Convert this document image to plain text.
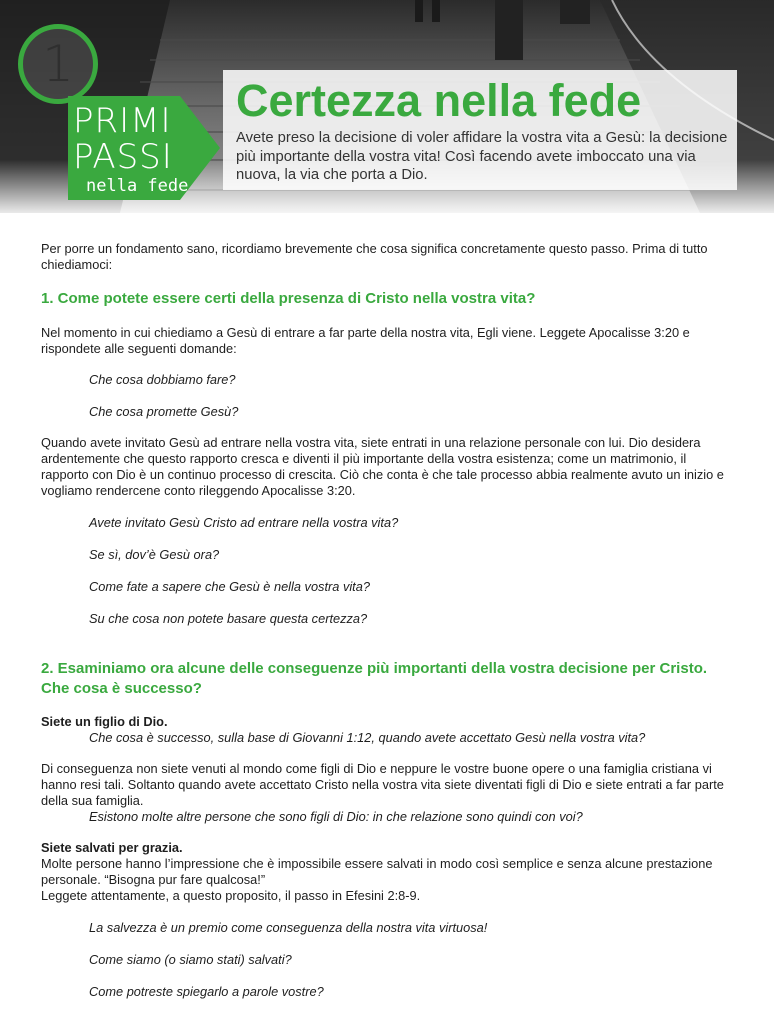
1
PRIMI
PASSI
nella fede
Certezza nella fede
Avete preso la decisione di voler affidare la vostra vita a Gesù: la decisione più importante della vostra vita! Così facendo avete imboccato una via nuova, la via che porta a Dio.
Per porre un fondamento sano, ricordiamo brevemente che cosa significa concretamente questo passo. Prima di tutto chiediamoci:
1. Come potete essere certi della presenza di Cristo nella vostra vita?
Nel momento in cui chiediamo a Gesù di entrare a far parte della nostra vita, Egli viene. Leggete Apocalisse 3:20 e rispondete alle seguenti domande:
Che cosa dobbiamo fare?
Che cosa promette Gesù?
Quando avete invitato Gesù ad entrare nella vostra vita, siete entrati in una relazione personale con lui. Dio desidera ardentemente che questo rapporto cresca e diventi il più importante della vostra esistenza; come un matrimonio, il rapporto con Dio è un continuo processo di crescita. Ciò che conta è che tale processo abbia realmente avuto un inizio e vogliamo rendercene conto rileggendo Apocalisse 3:20.
Avete invitato Gesù Cristo ad entrare nella vostra vita?
Se sì, dov’è Gesù ora?
Come fate a sapere che Gesù è nella vostra vita?
Su che cosa non potete basare questa certezza?
2. Esaminiamo ora alcune delle conseguenze più importanti della vostra decisione per Cristo. Che cosa è successo?
Siete un figlio di Dio.
Che cosa è successo, sulla base di Giovanni 1:12, quando avete accettato Gesù nella vostra vita?
Di conseguenza non siete venuti al mondo come figli di Dio e neppure le vostre buone opere o una famiglia cristiana vi hanno resi tali. Soltanto quando avete accettato Cristo nella vostra vita siete diventati figli di Dio e siete entrati a far parte della sua famiglia.
Esistono molte altre persone che sono figli di Dio: in che relazione sono quindi con voi?
Siete salvati per grazia.
Molte persone hanno l’impressione che è impossibile essere salvati in modo così semplice e senza alcune prestazione personale. “Bisogna pur fare qualcosa!”
Leggete attentamente, a questo proposito, il passo in Efesini 2:8-9.
La salvezza è un premio come conseguenza della nostra vita virtuosa!
Come siamo (o siamo stati) salvati?
Come potreste spiegarlo a parole vostre?
